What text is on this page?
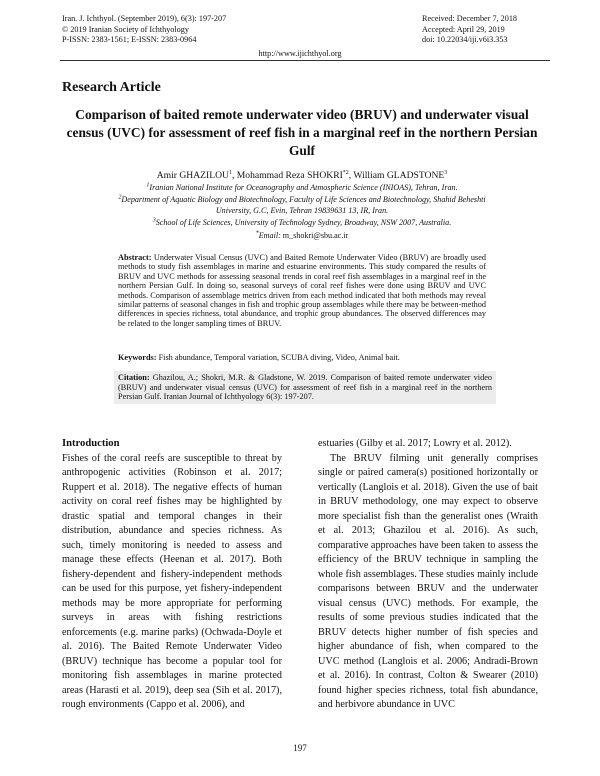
Iran. J. Ichthyol. (September 2019), 6(3): 197-207
© 2019 Iranian Society of Ichthyology
P-ISSN: 2383-1561; E-ISSN: 2383-0964
Received: December 7, 2018
Accepted: April 29, 2019
doi: 10.22034/iji.v6i3.353
http://www.ijichthyol.org
Research Article
Comparison of baited remote underwater video (BRUV) and underwater visual census (UVC) for assessment of reef fish in a marginal reef in the northern Persian Gulf
Amir GHAZILOU$^1$, Mohammad Reza SHOKRI$^{*2}$, William GLADSTONE$^3$

$^1$Iranian National Institute for Oceanography and Atmospheric Science (INIOAS), Tehran, Iran.

$^2$Department of Aquatic Biology and Biotechnology, Faculty of Life Sciences and Biotechnology, Shahid Beheshti University, G.C, Evin, Tehran 19839631 13, IR, Iran.

$^3$School of Life Sciences, University of Technology Sydney, Broadway, NSW 2007, Australia.

*Email: m_shokri@sbu.ac.ir

Abstract: Underwater Visual Census (UVC) and Baited Remote Underwater Video (BRUV) are broadly used methods to study fish assemblages in marine and estuarine environments. This study compared the results of BRUV and UVC methods for assessing seasonal trends in coral reef fish assemblages in a marginal reef in the northern Persian Gulf. In doing so, seasonal surveys of coral reef fishes were done using BRUV and UVC methods. Comparison of assemblage metrics driven from each method indicated that both methods may reveal similar patterns of seasonal changes in fish and trophic group assemblages while there may be between-method differences in species richness, total abundance, and trophic group abundances. The observed differences may be related to the longer sampling times of BRUV.
Keywords: Fish abundance, Temporal variation, SCUBA diving, Video, Animal bait.
Citation: Ghazilou, A.; Shokri, M.R. & Gladstone, W. 2019. Comparison of baited remote underwater video (BRUV) and underwater visual census (UVC) for assessment of reef fish in a marginal reef in the northern Persian Gulf. Iranian Journal of Ichthyology 6(3): 197-207.

Introduction

Fishes of the coral reefs are susceptible to threat by anthropogenic activities (Robinson et al. 2017; Ruppert et al. 2018). The negative effects of human activity on coral reef fishes may be highlighted by drastic spatial and temporal changes in their distribution, abundance and species richness. As such, timely monitoring is needed to assess and manage these effects (Heenan et al. 2017). Both fishery-dependent and fishery-independent methods can be used for this purpose, yet fishery-independent methods may be more appropriate for performing surveys in areas with fishing restrictions enforcements (e.g. marine parks) (Ochwada-Doyle et al. 2016). The Baited Remote Underwater Video (BRUV) technique has become a popular tool for monitoring fish assemblages in marine protected areas (Harasti et al. 2019), deep sea (Sih et al. 2017), rough environments (Cappo et al. 2006), and

estuaries (Gilby et al. 2017; Lowry et al. 2012).

The BRUV filming unit generally comprises single or paired camera(s) positioned horizontally or vertically (Langlois et al. 2018). Given the use of bait in BRUV methodology, one may expect to observe more specialist fish than the generalist ones (Wraith et al. 2013; Ghazilou et al. 2016). As such, comparative approaches have been taken to assess the efficiency of the BRUV technique in sampling the whole fish assemblages. These studies mainly include comparisons between BRUV and the underwater visual census (UVC) methods. For example, the results of some previous studies indicated that the BRUV detects higher number of fish species and higher abundance of fish, when compared to the UVC method (Langlois et al. 2006; Andradi-Brown et al. 2016). In contrast, Colton & Swearer (2010) found higher species richness, total fish abundance, and herbivore abundance in UVC

197
